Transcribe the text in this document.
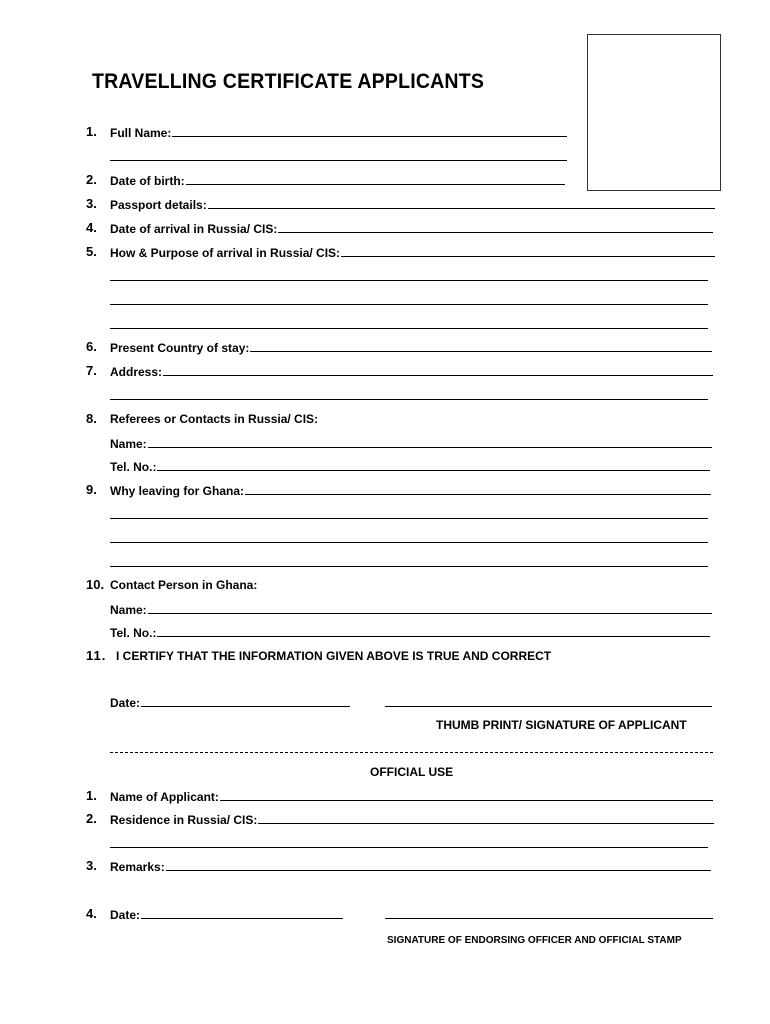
TRAVELLING CERTIFICATE APPLICANTS
1. Full Name:
2. Date of birth:
3. Passport details:
4. Date of arrival in Russia/ CIS:
5. How & Purpose of arrival in Russia/ CIS:
6. Present Country of stay:
7. Address:
8. Referees or Contacts in Russia/ CIS:
Name:
Tel. No.:
9. Why leaving for Ghana:
10. Contact Person in Ghana:
Name:
Tel. No.:
11. I CERTIFY THAT THE INFORMATION GIVEN ABOVE IS TRUE AND CORRECT
Date:
THUMB PRINT/ SIGNATURE OF APPLICANT
OFFICIAL USE
1. Name of Applicant:
2. Residence in Russia/ CIS:
3. Remarks:
4. Date:
SIGNATURE OF ENDORSING OFFICER AND OFFICIAL STAMP
